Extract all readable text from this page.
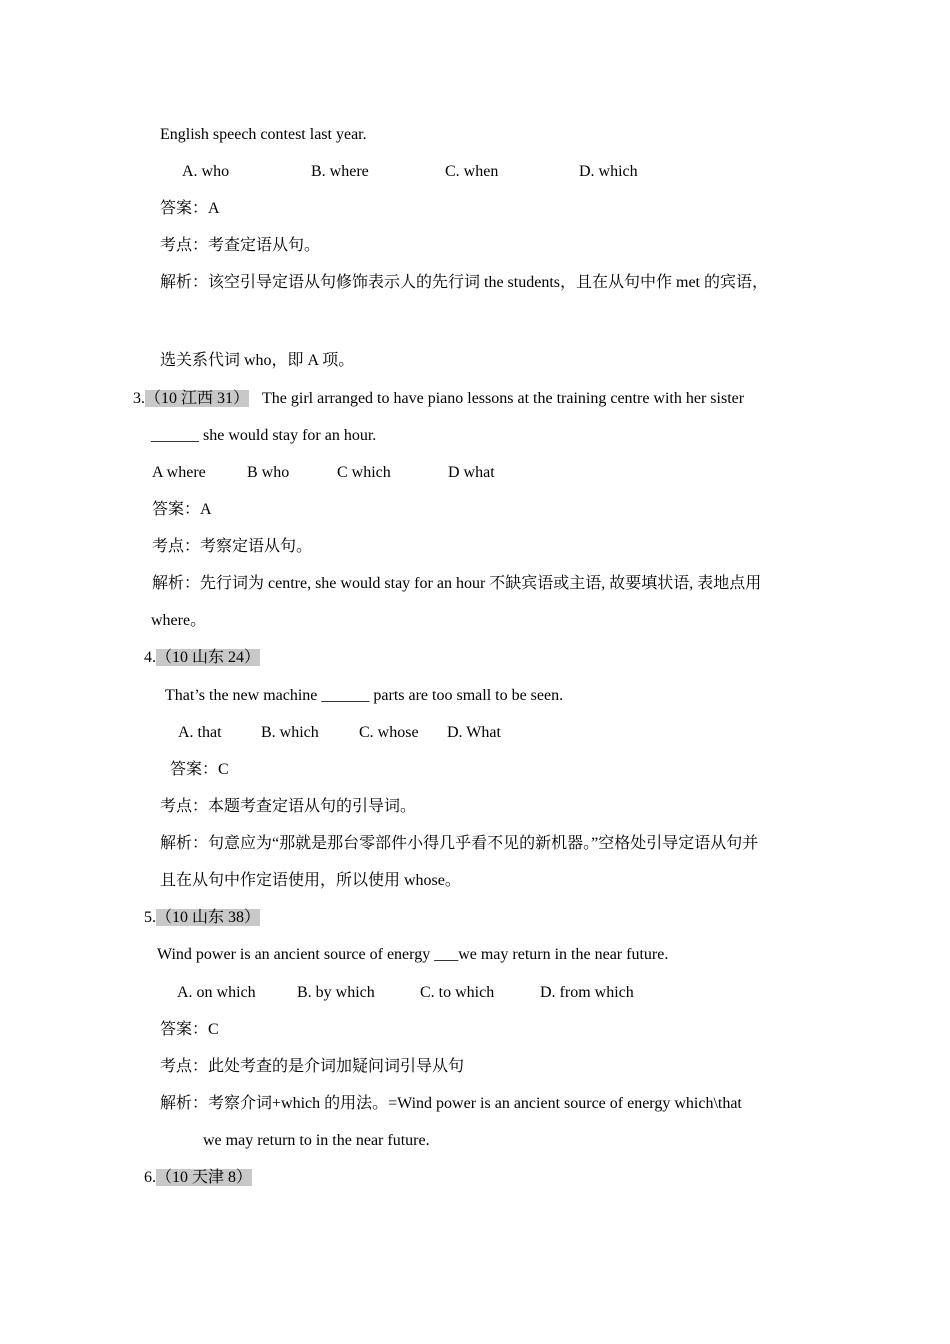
English speech contest last year.
A. who	B. where	C. when	D. which
答案：A
考点：考查定语从句。
解析：该空引导定语从句修饰表示人的先行词 the students，且在从句中作 met 的宾语，
选关系代词 who，即 A 项。
3.（10 江西 31） The girl arranged to have piano lessons at the training centre with her sister
______ she would stay for an hour.
A where	B who	C which	D what
答案：A
考点：考察定语从句。
解析：先行词为 centre, she would stay for an hour 不缺宾语或主语, 故要填状语, 表地点用
where。
4.（10 山东 24）
That’s the new machine ______ parts are too small to be seen.
A. that B. which	C. whose D. What
答案：C
考点：本题考查定语从句的引导词。
解析：句意应为“那就是那台零部件小得几乎看不见的新机器。”空格处引导定语从句并
且在从句中作定语使用，所以使用 whose。
5.（10 山东 38）
Wind power is an ancient source of energy ___we may return in the near future.
A. on which	B. by which	C. to which	D. from which
答案：C
考点：此处考查的是介词加疑问词引导从句
解析：考察介词+which 的用法。=Wind power is an ancient source of energy which\that
we may return to in the near future.
6.（10 天津 8）
